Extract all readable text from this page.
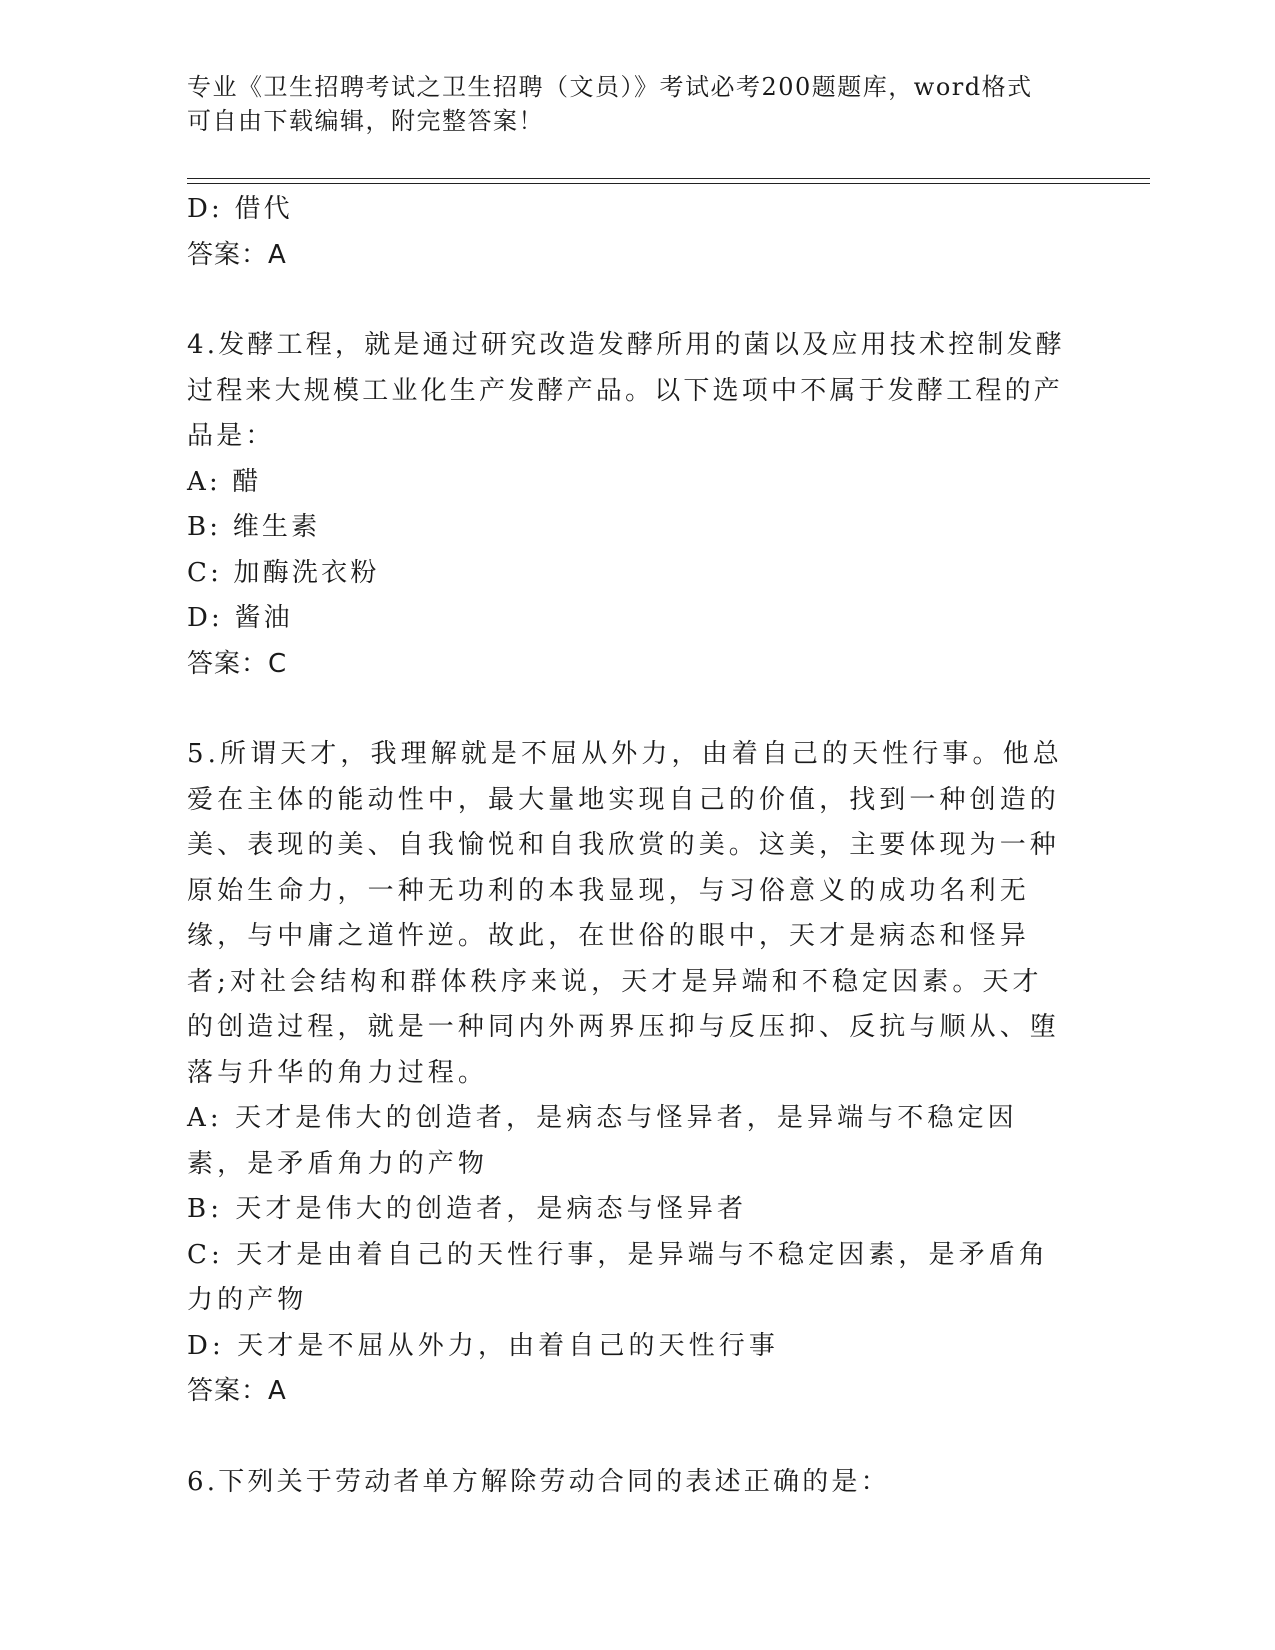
专业《卫生招聘考试之卫生招聘（文员）》考试必考200题题库，word格式可自由下载编辑，附完整答案！
D: 借代
答案：A
4.发酵工程，就是通过研究改造发酵所用的菌以及应用技术控制发酵过程来大规模工业化生产发酵产品。以下选项中不属于发酵工程的产品是：
A: 醋
B: 维生素
C: 加酶洗衣粉
D: 酱油
答案：C
5.所谓天才，我理解就是不屈从外力，由着自己的天性行事。他总爱在主体的能动性中，最大量地实现自己的价值，找到一种创造的美、表现的美、自我愉悦和自我欣赏的美。这美，主要体现为一种原始生命力，一种无功利的本我显现，与习俗意义的成功名利无缘，与中庸之道忤逆。故此，在世俗的眼中，天才是病态和怪异者;对社会结构和群体秩序来说，天才是异端和不稳定因素。天才的创造过程，就是一种同内外两界压抑与反压抑、反抗与顺从、堕落与升华的角力过程。
A: 天才是伟大的创造者，是病态与怪异者，是异端与不稳定因素，是矛盾角力的产物
B: 天才是伟大的创造者，是病态与怪异者
C: 天才是由着自己的天性行事，是异端与不稳定因素，是矛盾角力的产物
D: 天才是不屈从外力，由着自己的天性行事
答案：A
6.下列关于劳动者单方解除劳动合同的表述正确的是：
